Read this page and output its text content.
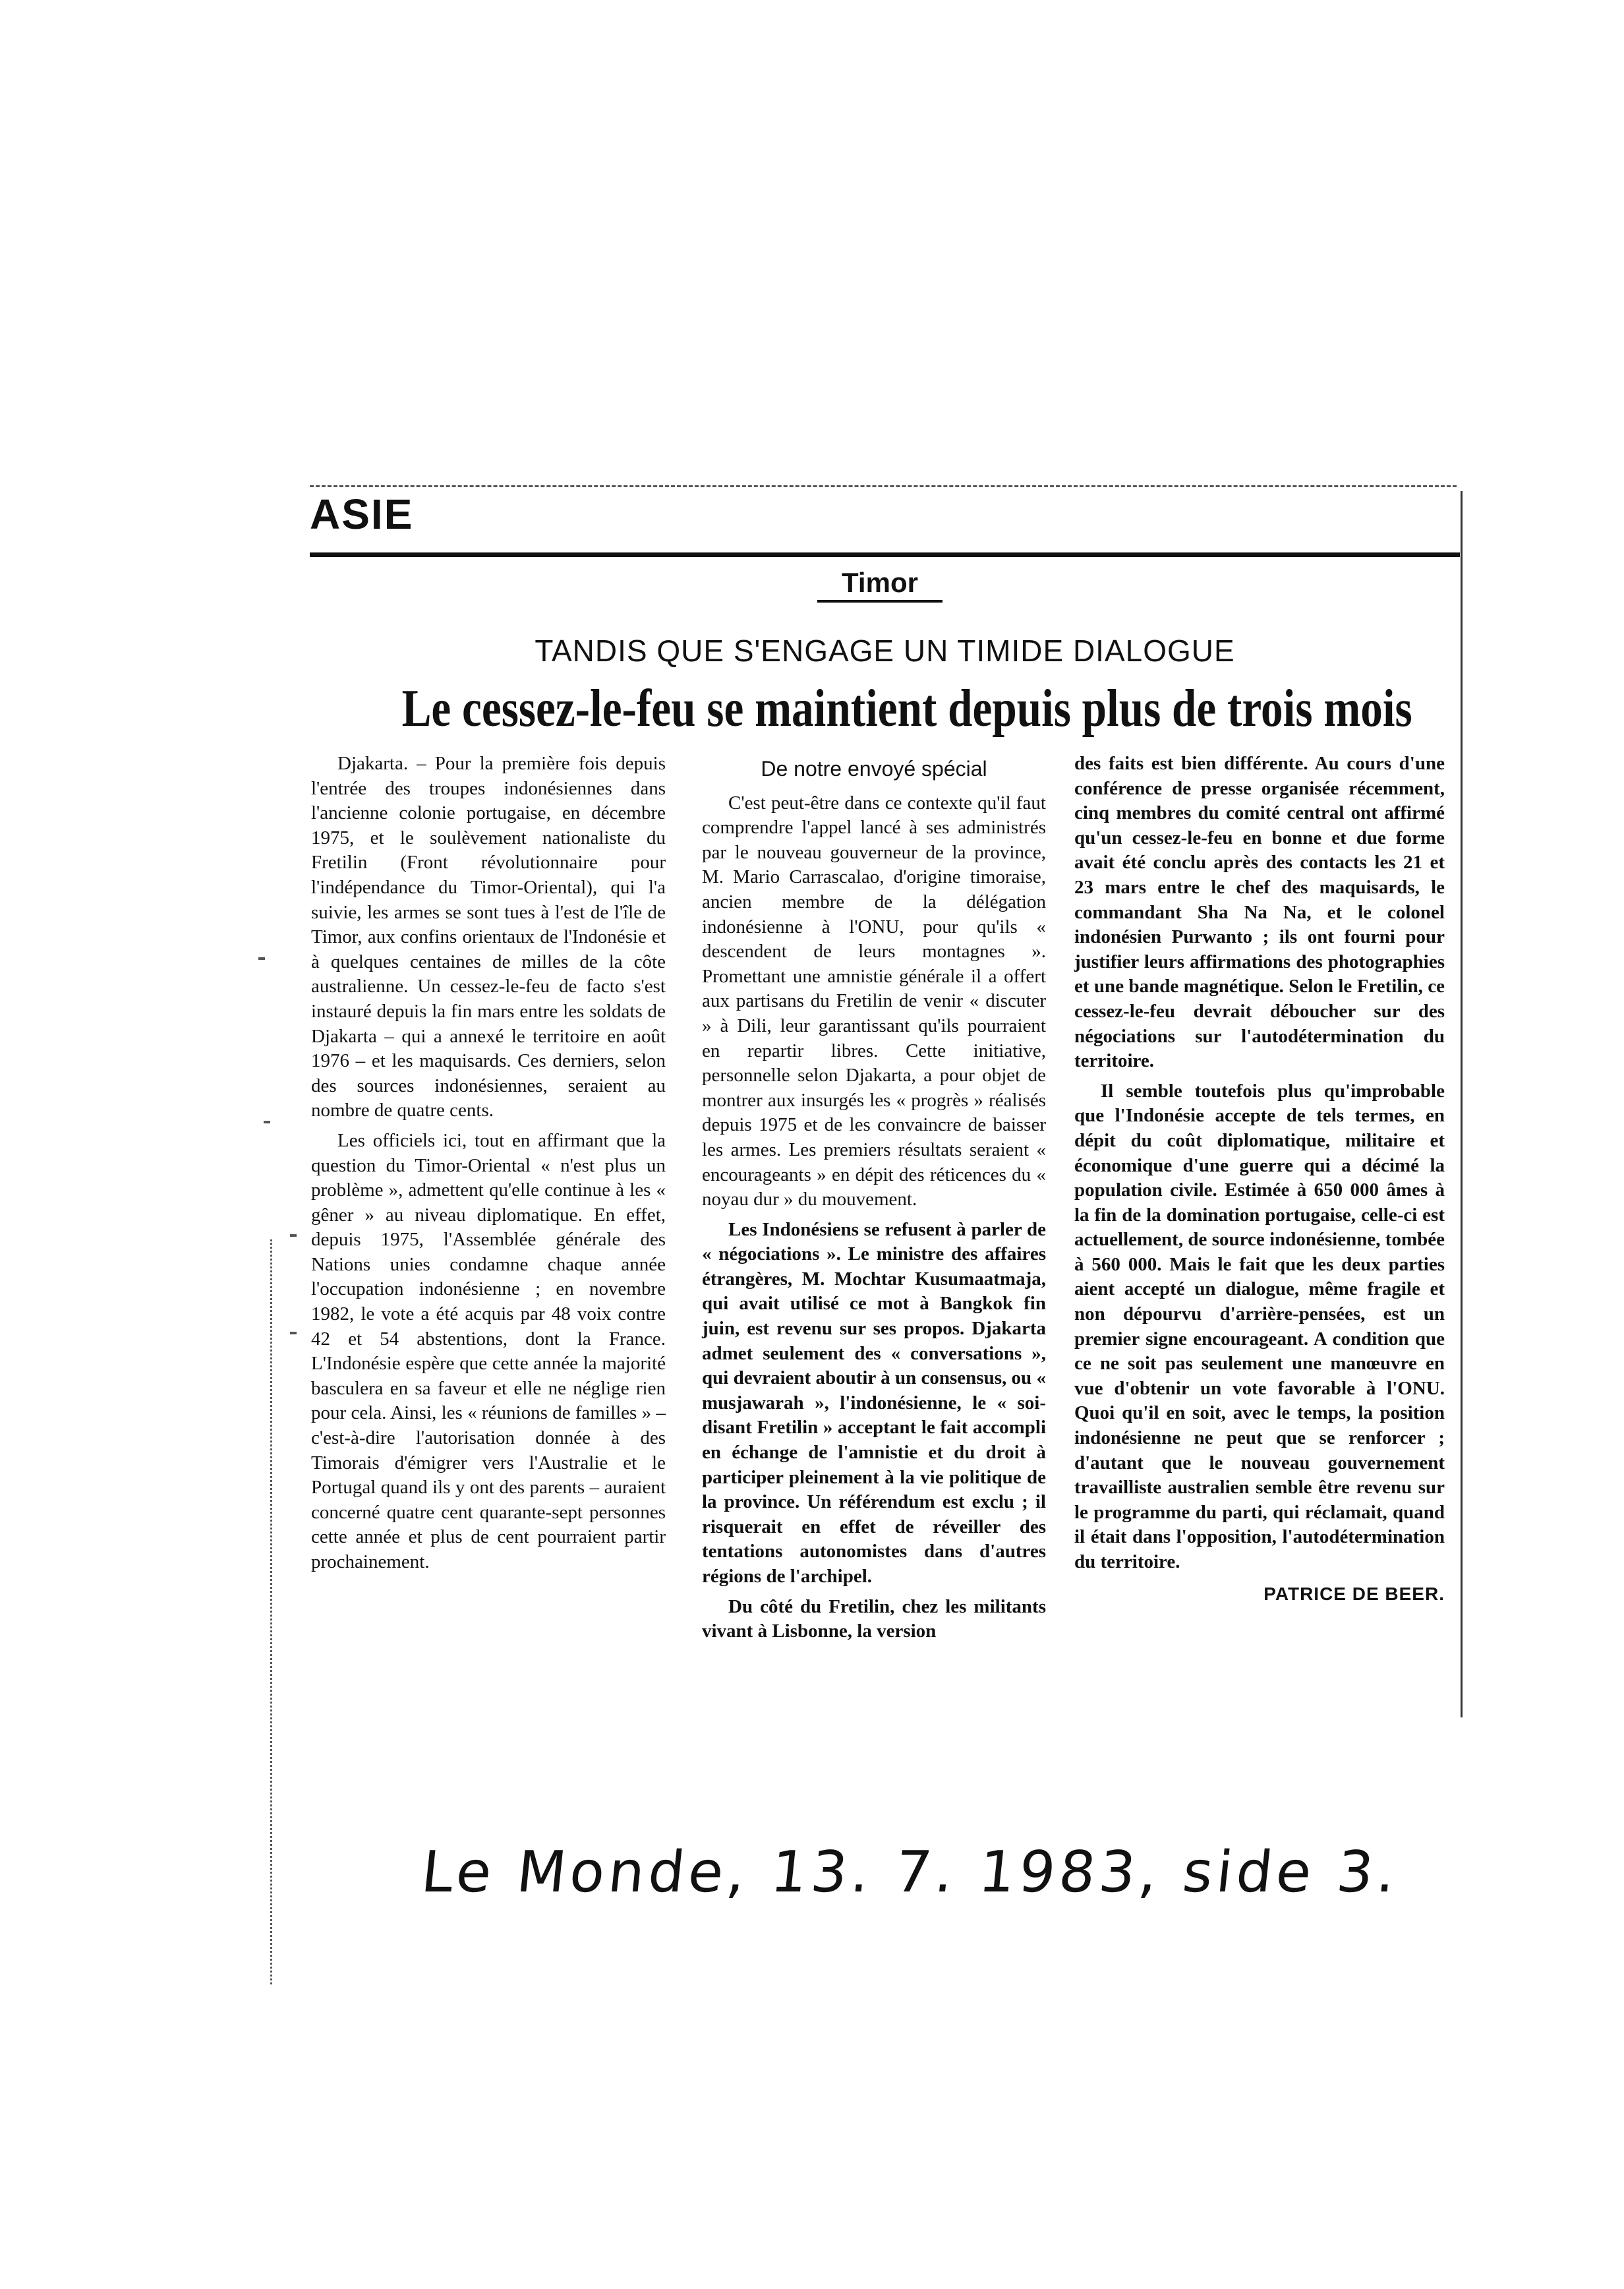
ASIE
Timor
TANDIS QUE S'ENGAGE UN TIMIDE DIALOGUE
Le cessez-le-feu se maintient depuis plus de trois mois

Djakarta. – Pour la première fois depuis l'entrée des troupes indonésiennes dans l'ancienne colonie portugaise, en décembre 1975, et le soulèvement nationaliste du Fretilin (Front révolutionnaire pour l'indépendance du Timor-Oriental), qui l'a suivie, les armes se sont tues à l'est de l'île de Timor, aux confins orientaux de l'Indonésie et à quelques centaines de milles de la côte australienne. Un cessez-le-feu de facto s'est instauré depuis la fin mars entre les soldats de Djakarta – qui a annexé le territoire en août 1976 – et les maquisards. Ces derniers, selon des sources indonésiennes, seraient au nombre de quatre cents.

Les officiels ici, tout en affirmant que la question du Timor-Oriental « n'est plus un problème », admettent qu'elle continue à les « gêner » au niveau diplomatique. En effet, depuis 1975, l'Assemblée générale des Nations unies condamne chaque année l'occupation indonésienne ; en novembre 1982, le vote a été acquis par 48 voix contre 42 et 54 abstentions, dont la France. L'Indonésie espère que cette année la majorité basculera en sa faveur et elle ne néglige rien pour cela. Ainsi, les « réunions de familles » – c'est-à-dire l'autorisation donnée à des Timorais d'émigrer vers l'Australie et le Portugal quand ils y ont des parents – auraient concerné quatre cent quarante-sept personnes cette année et plus de cent pourraient partir prochainement.

De notre envoyé spécial

C'est peut-être dans ce contexte qu'il faut comprendre l'appel lancé à ses administrés par le nouveau gouverneur de la province, M. Mario Carrascalao, d'origine timoraise, ancien membre de la délégation indonésienne à l'ONU, pour qu'ils « descendent de leurs montagnes ». Promettant une amnistie générale il a offert aux partisans du Fretilin de venir « discuter » à Dili, leur garantissant qu'ils pourraient en repartir libres. Cette initiative, personnelle selon Djakarta, a pour objet de montrer aux insurgés les « progrès » réalisés depuis 1975 et de les convaincre de baisser les armes. Les premiers résultats seraient « encourageants » en dépit des réticences du « noyau dur » du mouvement.

Les Indonésiens se refusent à parler de « négociations ». Le ministre des affaires étrangères, M. Mochtar Kusumaatmaja, qui avait utilisé ce mot à Bangkok fin juin, est revenu sur ses propos. Djakarta admet seulement des « conversations », qui devraient aboutir à un consensus, ou « musjawarah », l'indonésienne, le « soi-disant Fretilin » acceptant le fait accompli en échange de l'amnistie et du droit à participer pleinement à la vie politique de la province. Un référendum est exclu ; il risquerait en effet de réveiller des tentations autonomistes dans d'autres régions de l'archipel.

Du côté du Fretilin, chez les militants vivant à Lisbonne, la version

des faits est bien différente. Au cours d'une conférence de presse organisée récemment, cinq membres du comité central ont affirmé qu'un cessez-le-feu en bonne et due forme avait été conclu après des contacts les 21 et 23 mars entre le chef des maquisards, le commandant Sha Na Na, et le colonel indonésien Purwanto ; ils ont fourni pour justifier leurs affirmations des photographies et une bande magnétique. Selon le Fretilin, ce cessez-le-feu devrait déboucher sur des négociations sur l'autodétermination du territoire.

Il semble toutefois plus qu'improbable que l'Indonésie accepte de tels termes, en dépit du coût diplomatique, militaire et économique d'une guerre qui a décimé la population civile. Estimée à 650 000 âmes à la fin de la domination portugaise, celle-ci est actuellement, de source indonésienne, tombée à 560 000. Mais le fait que les deux parties aient accepté un dialogue, même fragile et non dépourvu d'arrière-pensées, est un premier signe encourageant. A condition que ce ne soit pas seulement une manœuvre en vue d'obtenir un vote favorable à l'ONU. Quoi qu'il en soit, avec le temps, la position indonésienne ne peut que se renforcer ; d'autant que le nouveau gouvernement travailliste australien semble être revenu sur le programme du parti, qui réclamait, quand il était dans l'opposition, l'autodétermination du territoire.

PATRICE DE BEER.
Le Monde, 13. 7. 1983, side 3.
